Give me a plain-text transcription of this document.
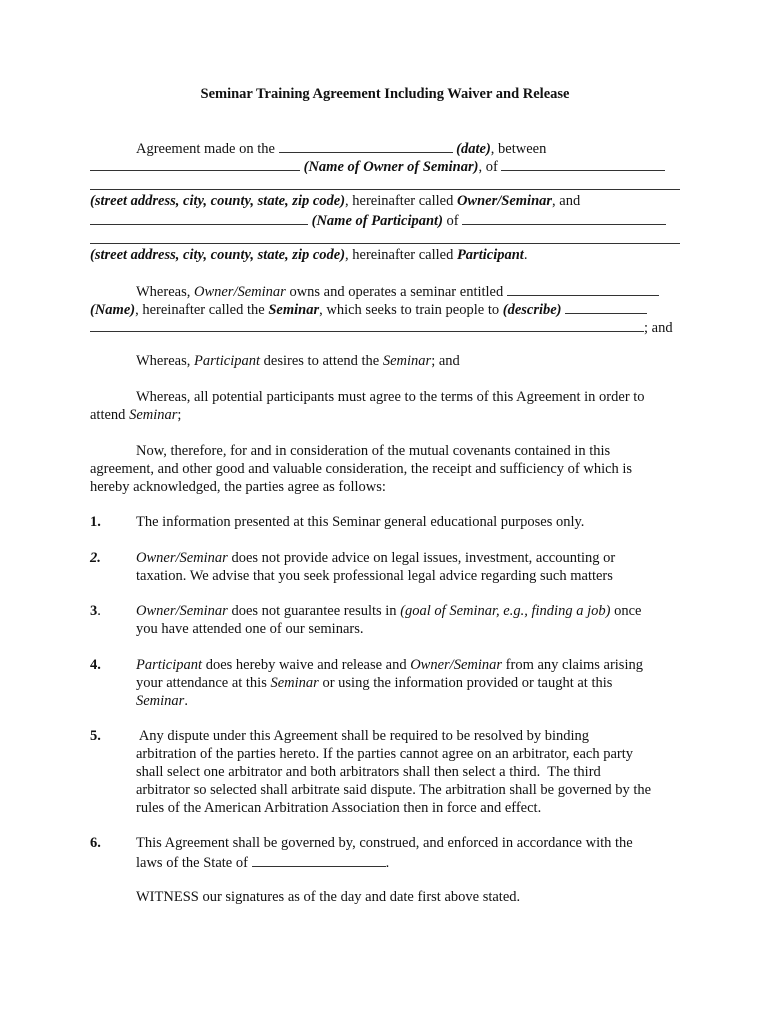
Seminar Training Agreement Including Waiver and Release
Agreement made on the	(date), between
(Name of Owner of Seminar), of
(street address, city, county, state, zip code), hereinafter called Owner/Seminar, and
(Name of Participant) of
(street address, city, county, state, zip code), hereinafter called Participant.
Whereas, Owner/Seminar owns and operates a seminar entitled
(Name), hereinafter called the Seminar, which seeks to train people to (describe)
; and
Whereas, Participant desires to attend the Seminar; and
Whereas, all potential participants must agree to the terms of this Agreement in order to
attend Seminar;
Now, therefore, for and in consideration of the mutual covenants contained in this
agreement, and other good and valuable consideration, the receipt and sufficiency of which is
hereby acknowledged, the parties agree as follows:
1. The information presented at this Seminar general educational purposes only.
2. Owner/Seminar does not provide advice on legal issues, investment, accounting or
taxation. We advise that you seek professional legal advice regarding such matters
3. Owner/Seminar does not guarantee results in (goal of Seminar, e.g., finding a job) once
you have attended one of our seminars.
4. Participant does hereby waive and release and Owner/Seminar from any claims arising
your attendance at this Seminar or using the information provided or taught at this
Seminar.
5. Any dispute under this Agreement shall be required to be resolved by binding
arbitration of the parties hereto. If the parties cannot agree on an arbitrator, each party
shall select one arbitrator and both arbitrators shall then select a third.  The third
arbitrator so selected shall arbitrate said dispute. The arbitration shall be governed by the
rules of the American Arbitration Association then in force and effect.
6. This Agreement shall be governed by, construed, and enforced in accordance with the
laws of the State of	.
WITNESS our signatures as of the day and date first above stated.
